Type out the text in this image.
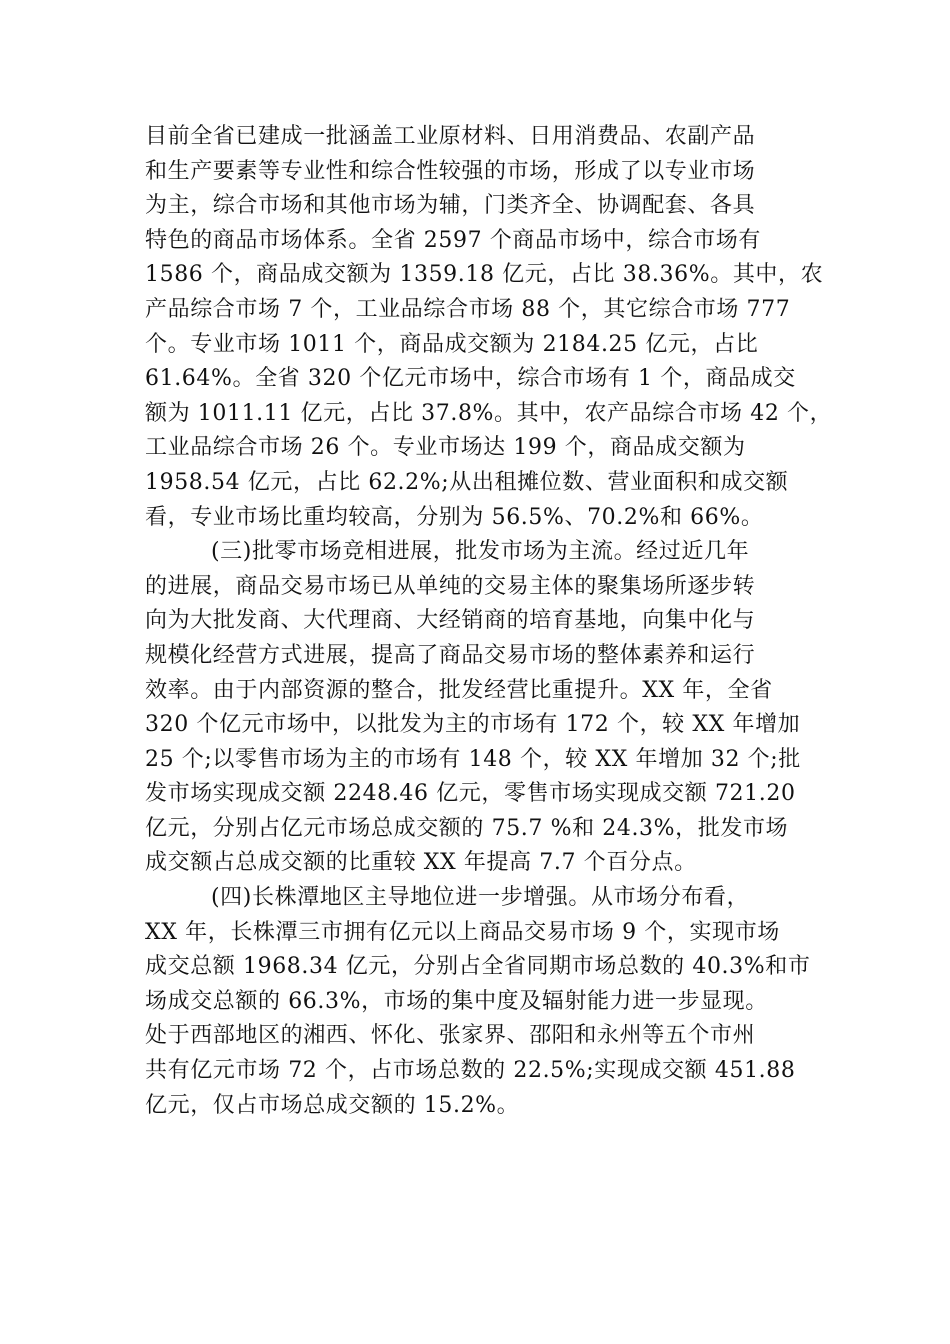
目前全省已建成一批涵盖工业原材料、日用消费品、农副产品
和生产要素等专业性和综合性较强的市场，形成了以专业市场
为主，综合市场和其他市场为辅，门类齐全、协调配套、各具
特色的商品市场体系。全省 2597 个商品市场中，综合市场有
1586 个，商品成交额为 1359.18 亿元，占比 38.36%。其中，农
产品综合市场 7 个，工业品综合市场 88 个，其它综合市场 777
个。专业市场 1011 个，商品成交额为 2184.25 亿元，占比
61.64%。全省 320 个亿元市场中，综合市场有 1 个，商品成交
额为 1011.11 亿元，占比 37.8%。其中，农产品综合市场 42 个，
工业品综合市场 26 个。专业市场达 199 个，商品成交额为
1958.54 亿元，占比 62.2%;从出租摊位数、营业面积和成交额
看，专业市场比重均较高，分别为 56.5%、70.2%和 66%。
(三)批零市场竞相进展，批发市场为主流。经过近几年
的进展，商品交易市场已从单纯的交易主体的聚集场所逐步转
向为大批发商、大代理商、大经销商的培育基地，向集中化与
规模化经营方式进展，提高了商品交易市场的整体素养和运行
效率。由于内部资源的整合，批发经营比重提升。XX 年，全省
320 个亿元市场中，以批发为主的市场有 172 个，较 XX 年增加
25 个;以零售市场为主的市场有 148 个，较 XX 年增加 32 个;批
发市场实现成交额 2248.46 亿元，零售市场实现成交额 721.20
亿元，分别占亿元市场总成交额的 75.7 %和 24.3%，批发市场
成交额占总成交额的比重较 XX 年提高 7.7 个百分点。
(四)长株潭地区主导地位进一步增强。从市场分布看，
XX 年，长株潭三市拥有亿元以上商品交易市场 9 个，实现市场
成交总额 1968.34 亿元，分别占全省同期市场总数的 40.3%和市
场成交总额的 66.3%，市场的集中度及辐射能力进一步显现。
处于西部地区的湘西、怀化、张家界、邵阳和永州等五个市州
共有亿元市场 72 个，占市场总数的 22.5%;实现成交额 451.88
亿元，仅占市场总成交额的 15.2%。
